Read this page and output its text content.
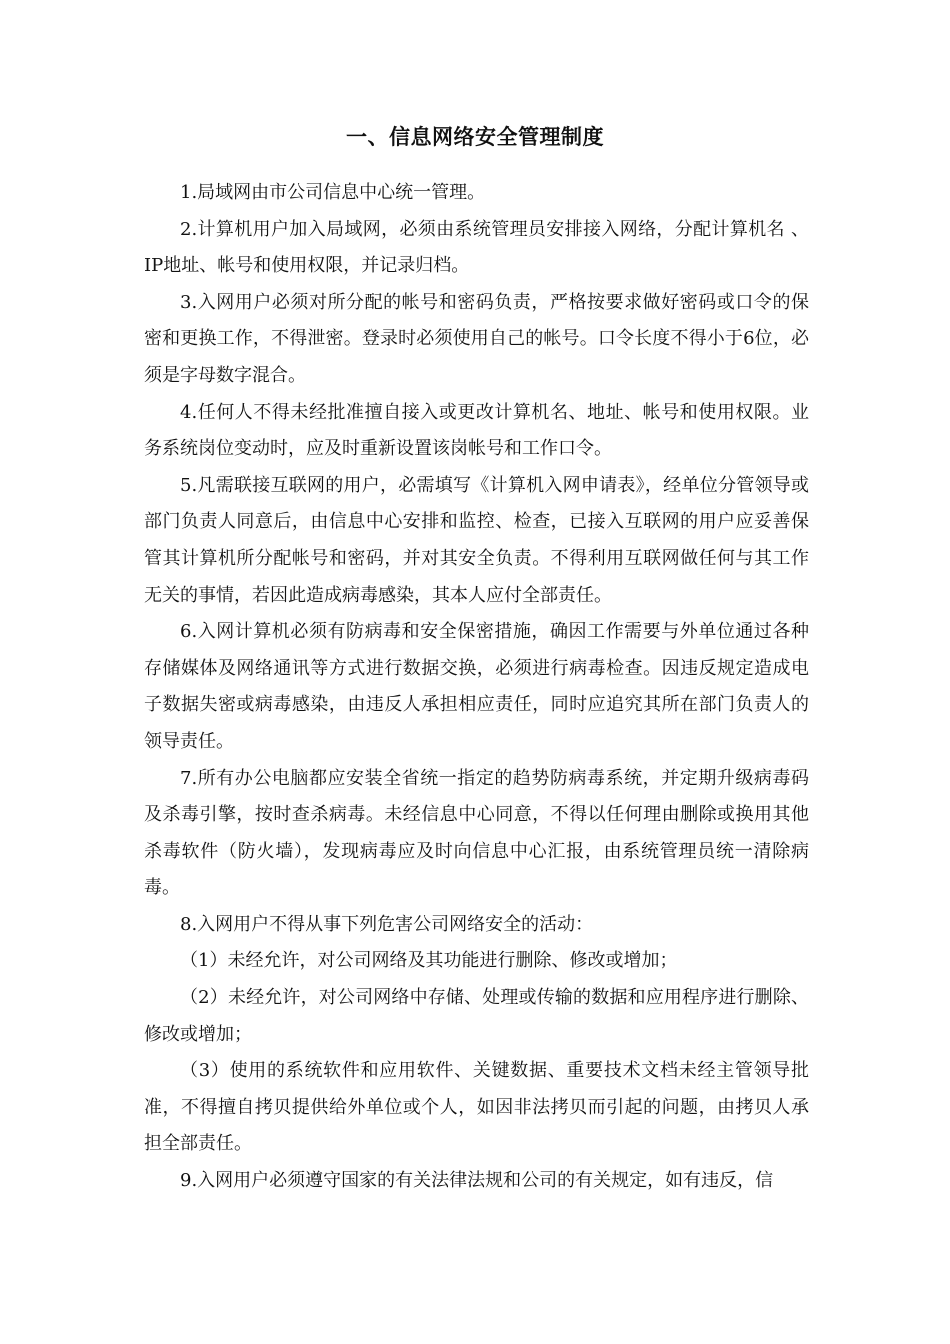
一、信息网络安全管理制度

1.局域网由市公司信息中心统一管理。

2.计算机用户加入局域网，必须由系统管理员安排接入网络，分配计算机名 、IP地址、帐号和使用权限，并记录归档。

3.入网用户必须对所分配的帐号和密码负责，严格按要求做好密码或口令的保密和更换工作，不得泄密。登录时必须使用自己的帐号。口令长度不得小于6位，必须是字母数字混合。

4.任何人不得未经批准擅自接入或更改计算机名、地址、帐号和使用权限。业务系统岗位变动时，应及时重新设置该岗帐号和工作口令。

5.凡需联接互联网的用户，必需填写《计算机入网申请表》，经单位分管领导或部门负责人同意后，由信息中心安排和监控、检查，已接入互联网的用户应妥善保管其计算机所分配帐号和密码，并对其安全负责。不得利用互联网做任何与其工作无关的事情，若因此造成病毒感染，其本人应付全部责任。

6.入网计算机必须有防病毒和安全保密措施，确因工作需要与外单位通过各种存储媒体及网络通讯等方式进行数据交换，必须进行病毒检查。因违反规定造成电子数据失密或病毒感染，由违反人承担相应责任，同时应追究其所在部门负责人的领导责任。

7.所有办公电脑都应安装全省统一指定的趋势防病毒系统，并定期升级病毒码及杀毒引擎，按时查杀病毒。未经信息中心同意，不得以任何理由删除或换用其他杀毒软件（防火墙），发现病毒应及时向信息中心汇报，由系统管理员统一清除病毒。

8.入网用户不得从事下列危害公司网络安全的活动：

（1）未经允许，对公司网络及其功能进行删除、修改或增加；

（2）未经允许，对公司网络中存储、处理或传输的数据和应用程序进行删除、修改或增加；

（3）使用的系统软件和应用软件、关键数据、重要技术文档未经主管领导批准，不得擅自拷贝提供给外单位或个人，如因非法拷贝而引起的问题，由拷贝人承担全部责任。

9.入网用户必须遵守国家的有关法律法规和公司的有关规定，如有违反，信
